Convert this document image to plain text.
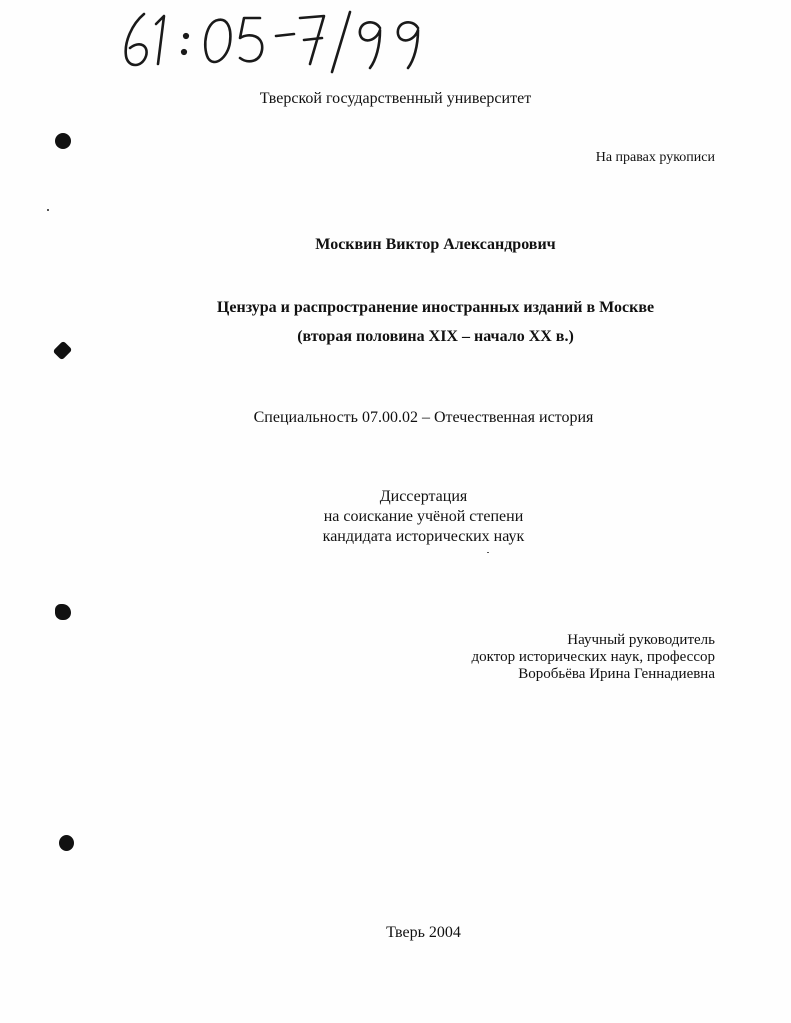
Тверской государственный университет
На правах рукописи
Москвин Виктор Александрович
Цензура и распространение иностранных изданий в Москве
(вторая половина XIX – начало XX в.)
Специальность 07.00.02 – Отечественная история
Диссертация
на соискание учёной степени
кандидата исторических наук
Научный руководитель
доктор исторических наук, профессор
Воробьёва Ирина Геннадиевна
Тверь 2004
